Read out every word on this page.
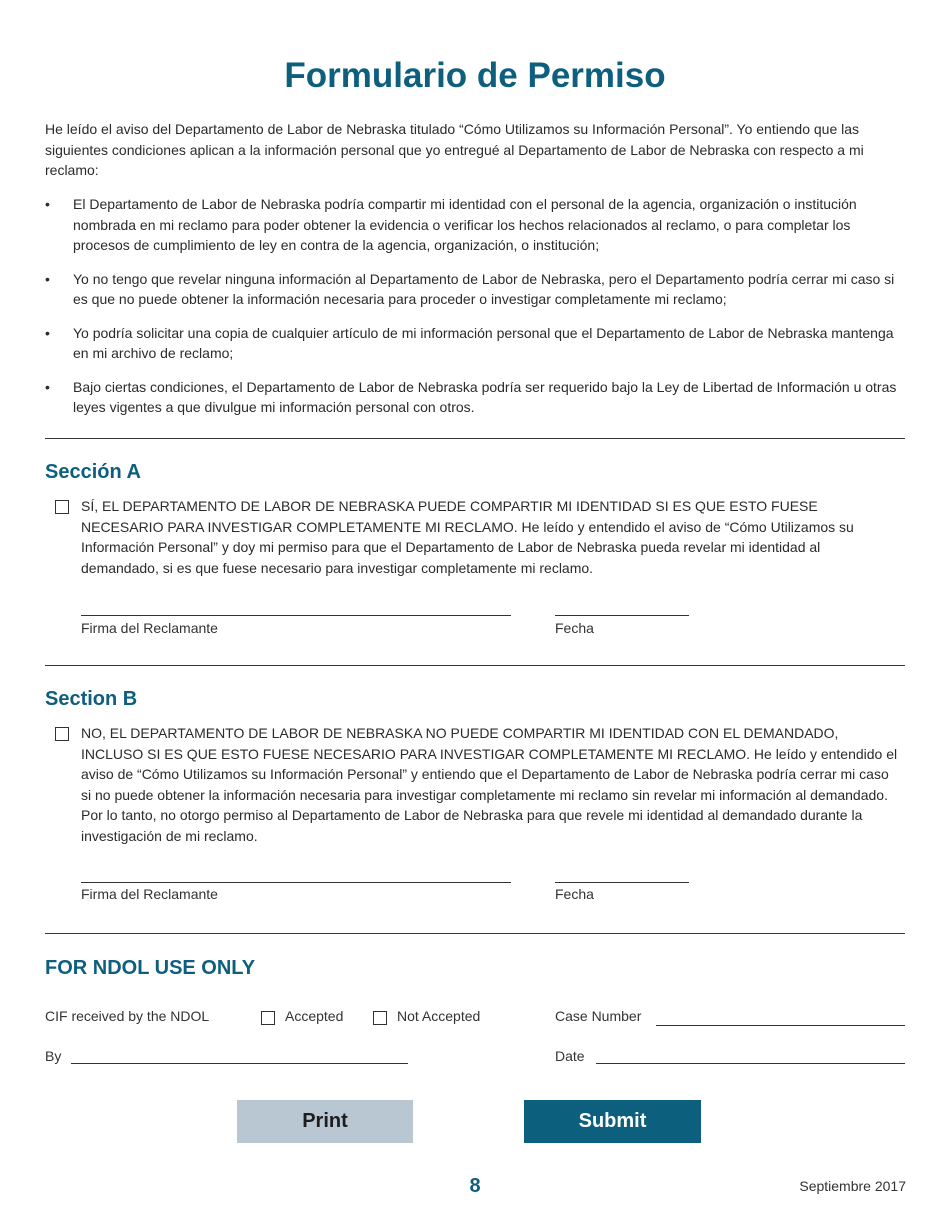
Formulario de Permiso
He leído el aviso del Departamento de Labor de Nebraska titulado “Cómo Utilizamos su Información Personal”. Yo entiendo que las siguientes condiciones aplican a la información personal que yo entregué al Departamento de Labor de Nebraska con respecto a mi reclamo:
• El Departamento de Labor de Nebraska podría compartir mi identidad con el personal de la agencia, organización o institución nombrada en mi reclamo para poder obtener la evidencia o verificar los hechos relacionados al reclamo, o para completar los procesos de cumplimiento de ley en contra de la agencia, organización, o institución;
• Yo no tengo que revelar ninguna información al Departamento de Labor de Nebraska, pero el Departamento podría cerrar mi caso si es que no puede obtener la información necesaria para proceder o investigar completamente mi reclamo;
• Yo podría solicitar una copia de cualquier artículo de mi información personal que el Departamento de Labor de Nebraska mantenga en mi archivo de reclamo;
• Bajo ciertas condiciones, el Departamento de Labor de Nebraska podría ser requerido bajo la Ley de Libertad de Información u otras leyes vigentes a que divulgue mi información personal con otros.
Sección A
SÍ, EL DEPARTAMENTO DE LABOR DE NEBRASKA PUEDE COMPARTIR MI IDENTIDAD SI ES QUE ESTO FUESE NECESARIO PARA INVESTIGAR COMPLETAMENTE MI RECLAMO. He leído y entendido el aviso de “Cómo Utilizamos su Información Personal” y doy mi permiso para que el Departamento de Labor de Nebraska pueda revelar mi identidad al demandado, si es que fuese necesario para investigar completamente mi reclamo.
Firma del Reclamante	Fecha
Section B
NO, EL DEPARTAMENTO DE LABOR DE NEBRASKA NO PUEDE COMPARTIR MI IDENTIDAD CON EL DEMANDADO, INCLUSO SI ES QUE ESTO FUESE NECESARIO PARA INVESTIGAR COMPLETAMENTE MI RECLAMO. He leído y entendido el aviso de “Cómo Utilizamos su Información Personal” y entiendo que el Departamento de Labor de Nebraska podría cerrar mi caso si no puede obtener la información necesaria para investigar completamente mi reclamo sin revelar mi información al demandado. Por lo tanto, no otorgo permiso al Departamento de Labor de Nebraska para que revele mi identidad al demandado durante la investigación de mi reclamo.
Firma del Reclamante	Fecha
FOR NDOL USE ONLY
CIF received by the NDOL	Accepted	Not Accepted	Case Number
By	Date
Print	Submit
8	Septiembre 2017
